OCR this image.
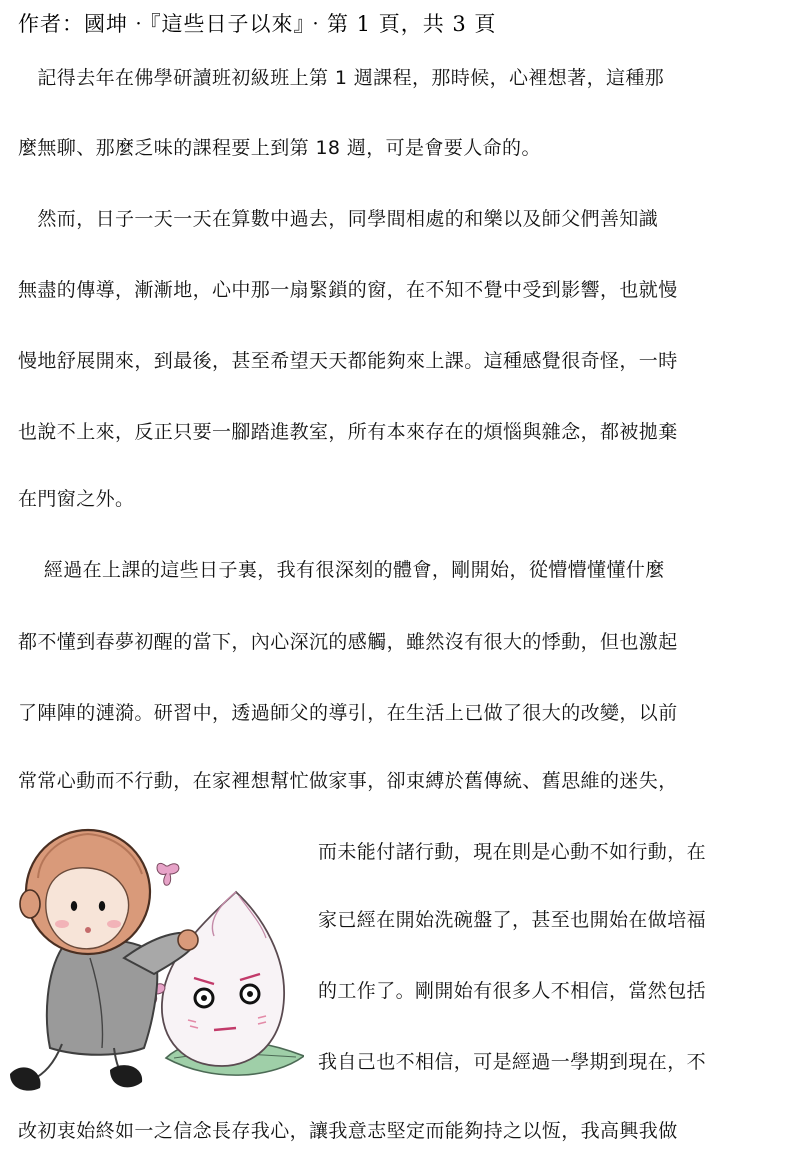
作者：國坤‧『這些日子以來』‧第 1 頁，共 3 頁
　記得去年在佛學研讀班初級班上第 1 週課程，那時候，心裡想著，這種那
麼無聊、那麼乏味的課程要上到第 18 週，可是會要人命的。
　然而，日子一天一天在算數中過去，同學間相處的和樂以及師父們善知識
無盡的傳導，漸漸地，心中那一扇緊鎖的窗，在不知不覺中受到影響，也就慢
慢地舒展開來，到最後，甚至希望天天都能夠來上課。這種感覺很奇怪，一時
也說不上來，反正只要一腳踏進教室，所有本來存在的煩惱與雜念，都被拋棄
在門窗之外。
　 經過在上課的這些日子裏，我有很深刻的體會，剛開始，從懵懵懂懂什麼
都不懂到春夢初醒的當下，內心深沉的感觸，雖然沒有很大的悸動，但也激起
了陣陣的漣漪。研習中，透過師父的導引，在生活上已做了很大的改變，以前
常常心動而不行動，在家裡想幫忙做家事，卻束縛於舊傳統、舊思維的迷失，
而未能付諸行動，現在則是心動不如行動，在
家已經在開始洗碗盤了，甚至也開始在做培福
的工作了。剛開始有很多人不相信，當然包括
我自己也不相信，可是經過一學期到現在，不
改初衷始終如一之信念長存我心，讓我意志堅定而能夠持之以恆，我高興我做
